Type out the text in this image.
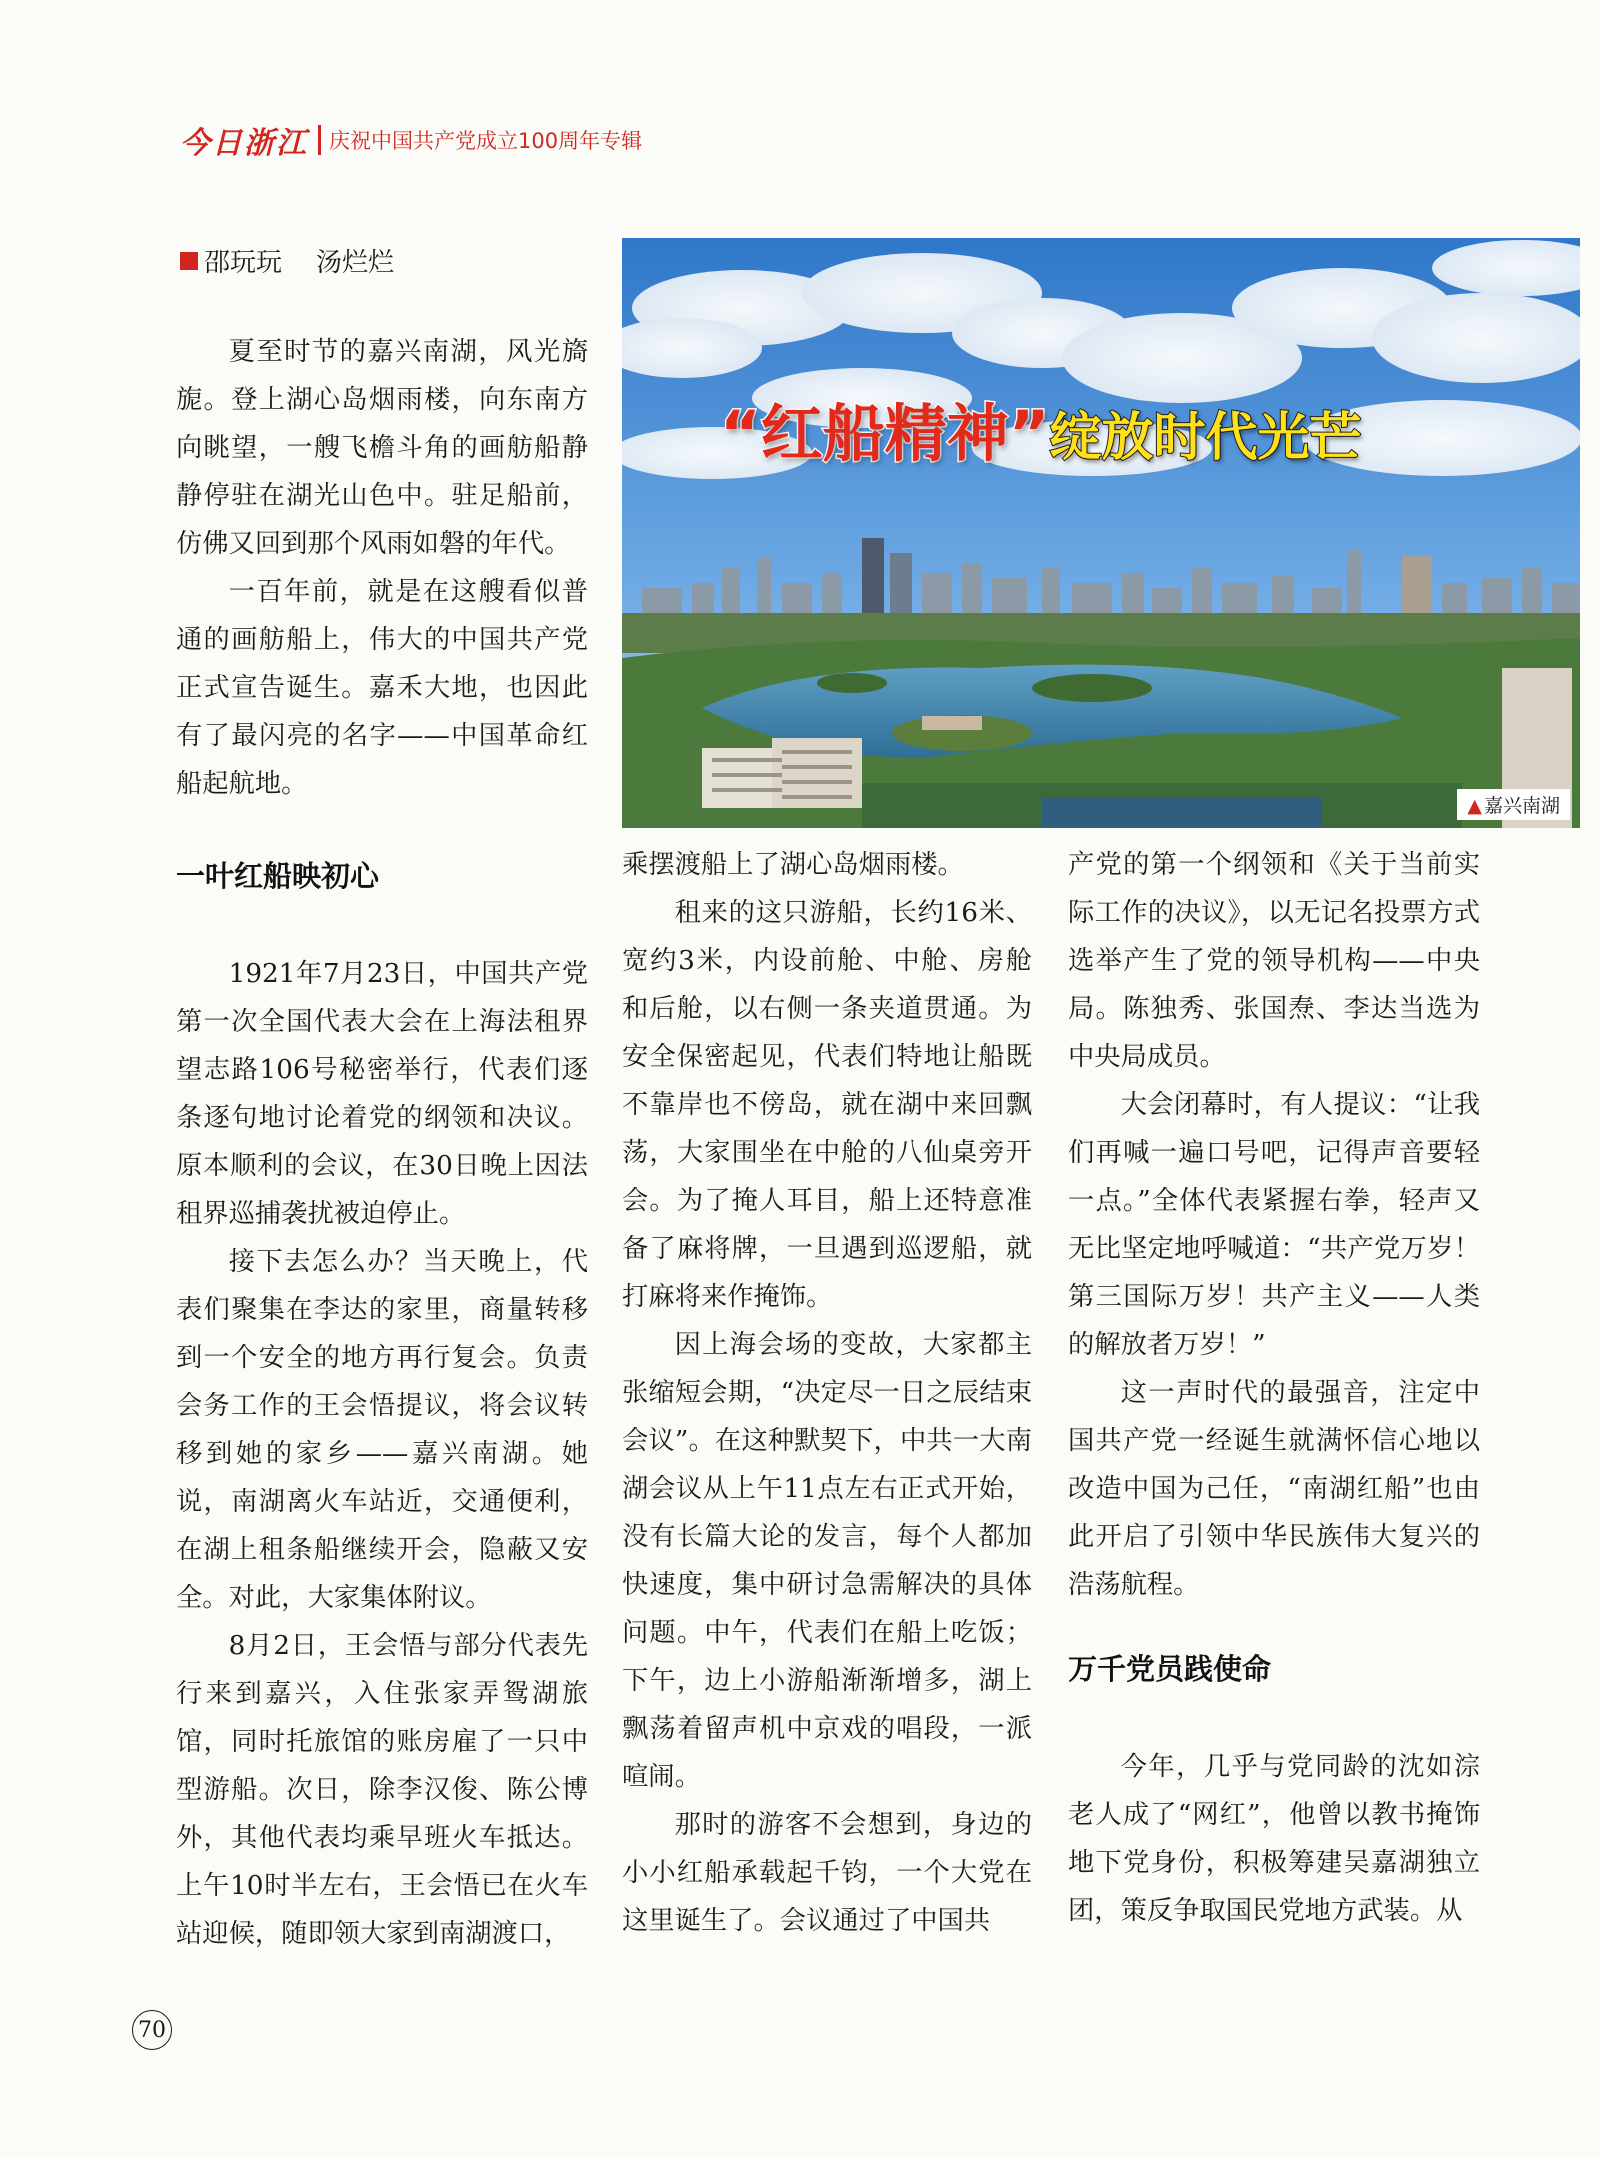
今日浙江 庆祝中国共产党成立100周年专辑
邵玩玩 汤烂烂
“红船精神”绽放时代光芒
▲ 嘉兴南湖

夏至时节的嘉兴南湖，风光旖旎。登上湖心岛烟雨楼，向东南方向眺望，一艘飞檐斗角的画舫船静静停驻在湖光山色中。驻足船前，仿佛又回到那个风雨如磐的年代。

一百年前，就是在这艘看似普通的画舫船上，伟大的中国共产党正式宣告诞生。嘉禾大地，也因此有了最闪亮的名字——中国革命红船起航地。

一叶红船映初心

1921年7月23日，中国共产党第一次全国代表大会在上海法租界望志路106号秘密举行，代表们逐条逐句地讨论着党的纲领和决议。原本顺利的会议，在30日晚上因法租界巡捕袭扰被迫停止。

接下去怎么办？当天晚上，代表们聚集在李达的家里，商量转移到一个安全的地方再行复会。负责会务工作的王会悟提议，将会议转移到她的家乡——嘉兴南湖。她说，南湖离火车站近，交通便利，在湖上租条船继续开会，隐蔽又安全。对此，大家集体附议。

8月2日，王会悟与部分代表先行来到嘉兴，入住张家弄鸳湖旅馆，同时托旅馆的账房雇了一只中型游船。次日，除李汉俊、陈公博外，其他代表均乘早班火车抵达。上午10时半左右，王会悟已在火车站迎候，随即领大家到南湖渡口，

乘摆渡船上了湖心岛烟雨楼。

租来的这只游船，长约16米、宽约3米，内设前舱、中舱、房舱和后舱，以右侧一条夹道贯通。为安全保密起见，代表们特地让船既不靠岸也不傍岛，就在湖中来回飘荡，大家围坐在中舱的八仙桌旁开会。为了掩人耳目，船上还特意准备了麻将牌，一旦遇到巡逻船，就打麻将来作掩饰。

因上海会场的变故，大家都主张缩短会期，“决定尽一日之辰结束会议”。在这种默契下，中共一大南湖会议从上午11点左右正式开始，没有长篇大论的发言，每个人都加快速度，集中研讨急需解决的具体问题。中午，代表们在船上吃饭；下午，边上小游船渐渐增多，湖上飘荡着留声机中京戏的唱段，一派喧闹。

那时的游客不会想到，身边的小小红船承载起千钧，一个大党在这里诞生了。会议通过了中国共

产党的第一个纲领和《关于当前实际工作的决议》，以无记名投票方式选举产生了党的领导机构——中央局。陈独秀、张国焘、李达当选为中央局成员。

大会闭幕时，有人提议：“让我们再喊一遍口号吧，记得声音要轻一点。”全体代表紧握右拳，轻声又无比坚定地呼喊道：“共产党万岁！第三国际万岁！共产主义——人类的解放者万岁！”

这一声时代的最强音，注定中国共产党一经诞生就满怀信心地以改造中国为己任，“南湖红船”也由此开启了引领中华民族伟大复兴的浩荡航程。

万千党员践使命

今年，几乎与党同龄的沈如淙老人成了“网红”，他曾以教书掩饰地下党身份，积极筹建吴嘉湖独立团，策反争取国民党地方武装。从

70
